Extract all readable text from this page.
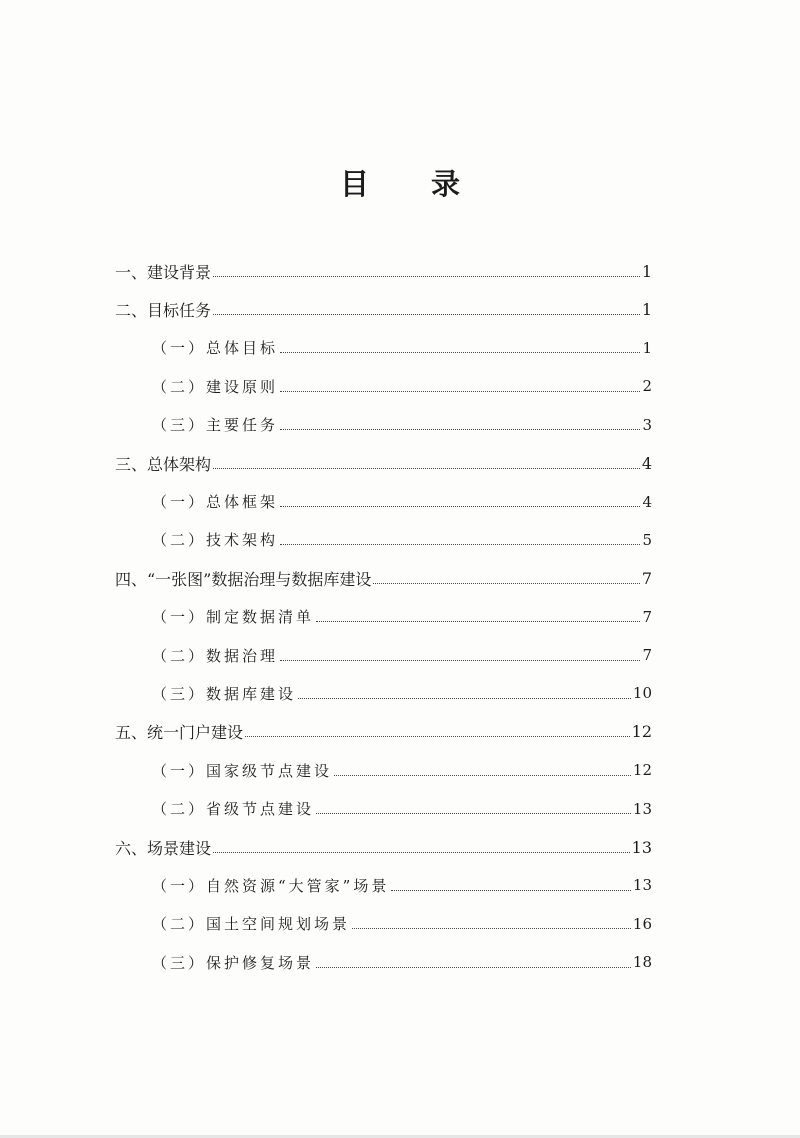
目 录
一、建设背景	1
二、目标任务	1
（一）总体目标	1
（二）建设原则	2
（三）主要任务	3
三、总体架构	4
（一）总体框架	4
（二）技术架构	5
四、“一张图”数据治理与数据库建设	7
（一）制定数据清单	7
（二）数据治理	7
（三）数据库建设	10
五、统一门户建设	12
（一）国家级节点建设	12
（二）省级节点建设	13
六、场景建设	13
（一）自然资源“大管家”场景	13
（二）国土空间规划场景	16
（三）保护修复场景	18
